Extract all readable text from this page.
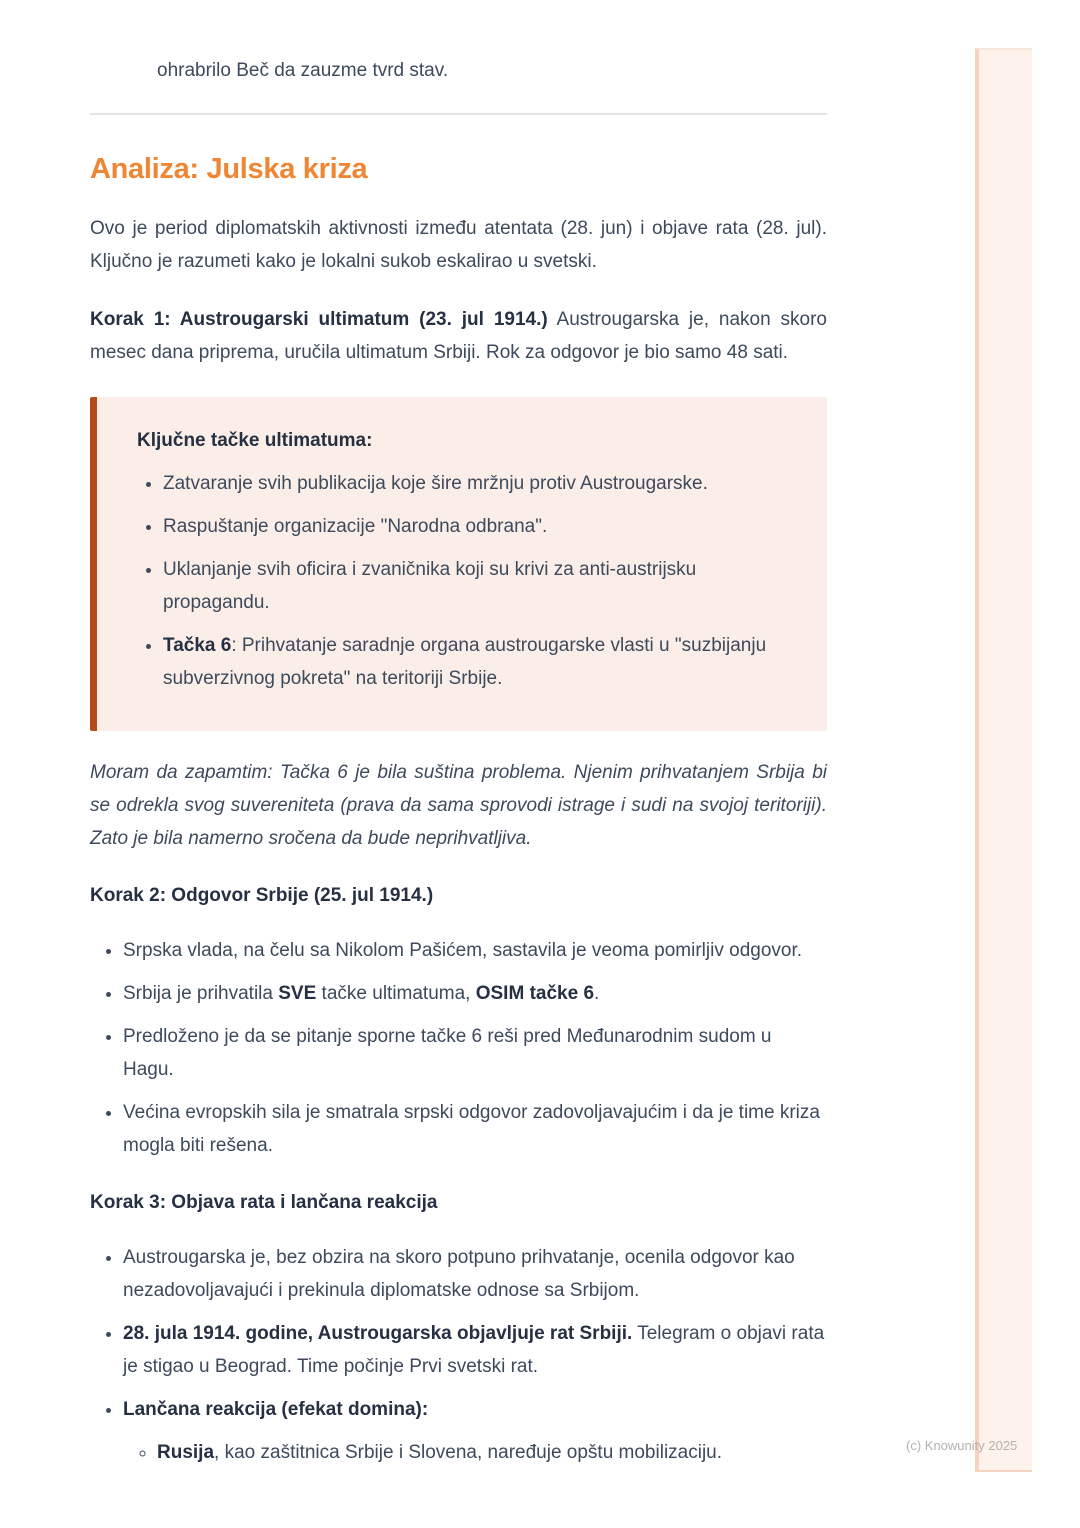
ohrabrilo Beč da zauzme tvrd stav.

Analiza: Julska kriza

Ovo je period diplomatskih aktivnosti između atentata (28. jun) i objave rata (28. jul). Ključno je razumeti kako je lokalni sukob eskalirao u svetski.

Korak 1: Austrougarski ultimatum (23. jul 1914.) Austrougarska je, nakon skoro mesec dana priprema, uručila ultimatum Srbiji. Rok za odgovor je bio samo 48 sati.

Ključne tačke ultimatuma:

• Zatvaranje svih publikacija koje šire mržnju protiv Austrougarske.
• Raspuštanje organizacije "Narodna odbrana".
• Uklanjanje svih oficira i zvaničnika koji su krivi za anti-austrijsku propagandu.
• Tačka 6: Prihvatanje saradnje organa austrougarske vlasti u "suzbijanju subverzivnog pokreta" na teritoriji Srbije.

Moram da zapamtim: Tačka 6 je bila suština problema. Njenim prihvatanjem Srbija bi se odrekla svog suvereniteta (prava da sama sprovodi istrage i sudi na svojoj teritoriji). Zato je bila namerno sročena da bude neprihvatljiva.

Korak 2: Odgovor Srbije (25. jul 1914.)

• Srpska vlada, na čelu sa Nikolom Pašićem, sastavila je veoma pomirljiv odgovor.
• Srbija je prihvatila SVE tačke ultimatuma, OSIM tačke 6.
• Predloženo je da se pitanje sporne tačke 6 reši pred Međunarodnim sudom u Hagu.
• Većina evropskih sila je smatrala srpski odgovor zadovoljavajućim i da je time kriza mogla biti rešena.

Korak 3: Objava rata i lančana reakcija

• Austrougarska je, bez obzira na skoro potpuno prihvatanje, ocenila odgovor kao nezadovoljavajući i prekinula diplomatske odnose sa Srbijom.
• 28. jula 1914. godine, Austrougarska objavljuje rat Srbiji. Telegram o objavi rata je stigao u Beograd. Time počinje Prvi svetski rat.
• Lančana reakcija (efekat domina):
◦ Rusija, kao zaštitnica Srbije i Slovena, naređuje opštu mobilizaciju.	(c) Knowunity 2025
